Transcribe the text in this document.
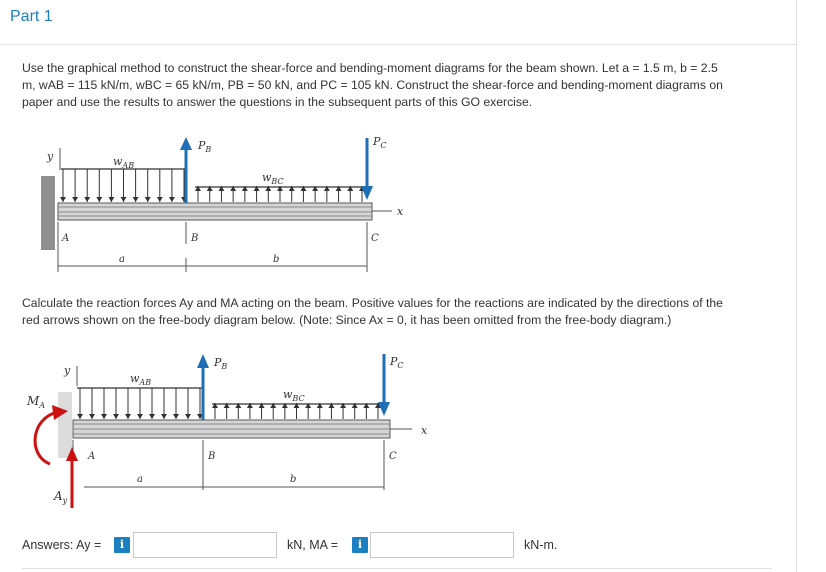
Part 1
Use the graphical method to construct the shear-force and bending-moment diagrams for the beam shown. Let a = 1.5 m, b = 2.5
m, wAB = 115 kN/m, wBC = 65 kN/m, PB = 50 kN, and PC = 105 kN. Construct the shear-force and bending-moment diagrams on
paper and use the results to answer the questions in the subsequent parts of this GO exercise.
y
x
$w_{AB}$
$w_{BC}$
$P_B$
$P_C$
A	B	C
a	b
Calculate the reaction forces Ay and MA acting on the beam. Positive values for the reactions are indicated by the directions of the
red arrows shown on the free-body diagram below. (Note: Since Ax = 0, it has been omitted from the free-body diagram.)
y
x
$w_{AB}$
$w_{BC}$
$P_B$	$P_C$
$M_A$
$A_y$
A	B	C
a	b
Answers: Ay =	i	kN, MA =	i	kN-m.
